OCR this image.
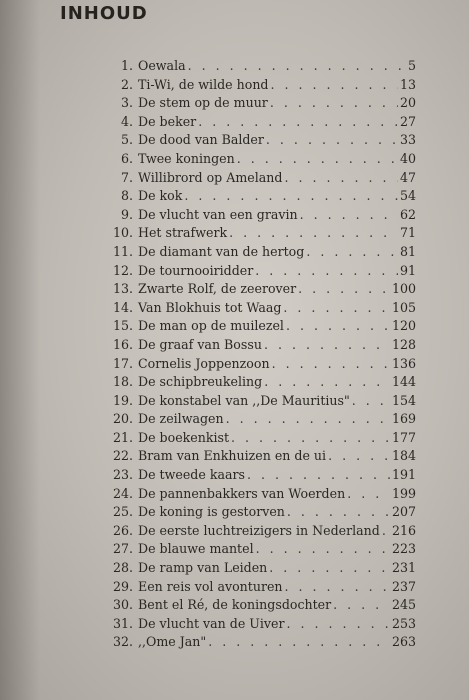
INHOUD
1. Oewala . . .	5
2. Ti-Wi, de wilde hond . . .	13
3. De stem op de muur . . .	20
4. De beker . . .	27
5. De dood van Balder . . .	33
6. Twee koningen . . .	40
7. Willibrord op Ameland . . .	47
8. De kok . . .	54
9. De vlucht van een gravin . . .	62
10. Het strafwerk . . .	71
11. De diamant van de hertog . . .	81
12. De tournooiridder . . .	91
13. Zwarte Rolf, de zeerover . . .	100
14. Van Blokhuis tot Waag . . .	105
15. De man op de muilezel . . .	120
16. De graaf van Bossu . . .	128
17. Cornelis Joppenzoon . . .	136
18. De schipbreukeling . . .	144
19. De konstabel van ,,De Mauritius" . . .	154
20. De zeilwagen . . .	169
21. De boekenkist . . .	177
22. Bram van Enkhuizen en de ui . . .	184
23. De tweede kaars . . .	191
24. De pannenbakkers van Woerden . . .	199
25. De koning is gestorven . . .	207
26. De eerste luchtreizigers in Nederland . . . 216
27. De blauwe mantel . . .	223
28. De ramp van Leiden . . .	231
29. Een reis vol avonturen . . .	237
30. Bent el Ré, de koningsdochter . . .	245
31. De vlucht van de Uiver . . .	253
32. ,,Ome Jan" . . .	263
